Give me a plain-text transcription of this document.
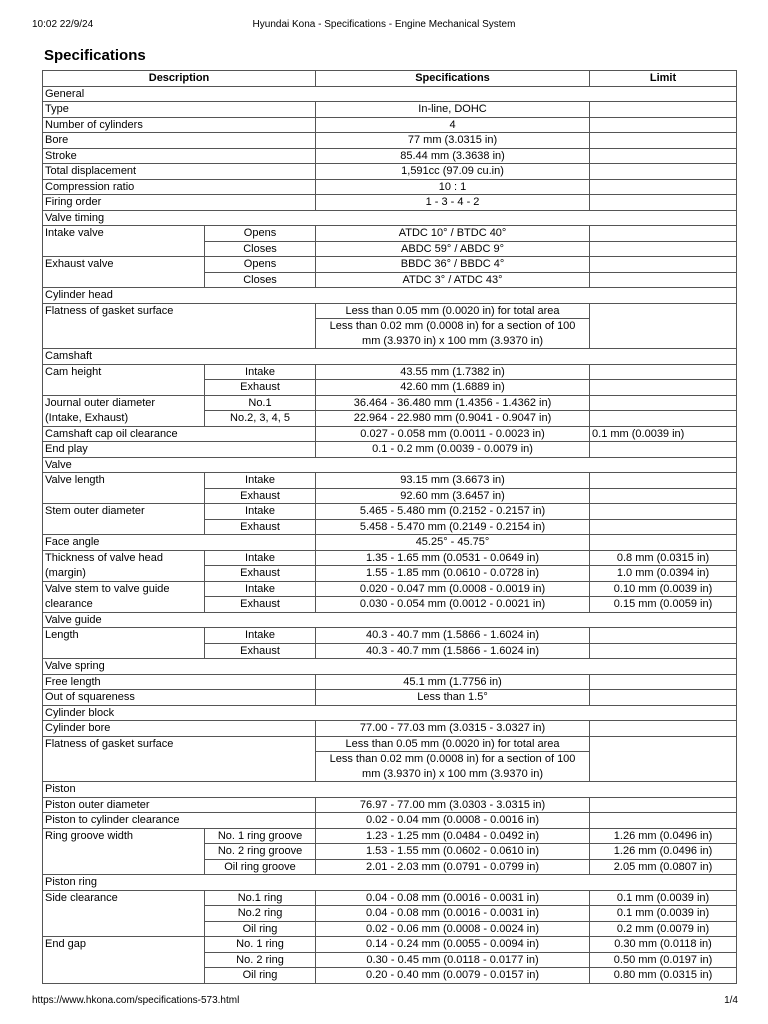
Hyundai Kona - Specifications - Engine Mechanical System
10:02 22/9/24
Specifications
Description		Specifications	Limit
General			
Type		In-line, DOHC	
Number of cylinders		4	
Bore		77 mm (3.0315 in)	
Stroke		85.44 mm (3.3638 in)	
Total displacement		1,591cc (97.09 cu.in)	
Compression ratio		10 : 1	
Firing order		1 - 3 - 4 - 2	
Valve timing			
Intake valve	Opens	ATDC 10° / BTDC 40°	
	Closes	ABDC 59° / ABDC 9°	
Exhaust valve	Opens	BBDC 36° / BBDC 4°	
	Closes	ATDC 3° / ATDC 43°	
Cylinder head			
Flatness of gasket surface		Less than 0.05 mm (0.0020 in) for total area	
		Less than 0.02 mm (0.0008 in) for a section of 100	
		mm (3.9370 in) x 100 mm (3.9370 in)	
Camshaft			
Cam height	Intake	43.55 mm (1.7382 in)	
	Exhaust	42.60 mm (1.6889 in)	
Journal outer diameter	No.1	36.464 - 36.480 mm (1.4356 - 1.4362 in)	
(Intake, Exhaust)	No.2, 3, 4, 5	22.964 - 22.980 mm (0.9041 - 0.9047 in)	
Camshaft cap oil clearance		0.027 - 0.058 mm (0.0011 - 0.0023 in)	0.1 mm (0.0039 in)
End play		0.1 - 0.2 mm (0.0039 - 0.0079 in)	
Valve			
Valve length	Intake	93.15 mm (3.6673 in)	
	Exhaust	92.60 mm (3.6457 in)	
Stem outer diameter	Intake	5.465 - 5.480 mm (0.2152 - 0.2157 in)	
	Exhaust	5.458 - 5.470 mm (0.2149 - 0.2154 in)	
Face angle		45.25° - 45.75°	
Thickness of valve head	Intake	1.35 - 1.65 mm (0.0531 - 0.0649 in)	0.8 mm (0.0315 in)
(margin)	Exhaust	1.55 - 1.85 mm (0.0610 - 0.0728 in)	1.0 mm (0.0394 in)
Valve stem to valve guide	Intake	0.020 - 0.047 mm (0.0008 - 0.0019 in)	0.10 mm (0.0039 in)
clearance	Exhaust	0.030 - 0.054 mm (0.0012 - 0.0021 in)	0.15 mm (0.0059 in)
Valve guide			
Length	Intake	40.3 - 40.7 mm (1.5866 - 1.6024 in)	
	Exhaust	40.3 - 40.7 mm (1.5866 - 1.6024 in)	
Valve spring			
Free length		45.1 mm (1.7756 in)	
Out of squareness		Less than 1.5°	
Cylinder block			
Cylinder bore		77.00 - 77.03 mm (3.0315 - 3.0327 in)	
Flatness of gasket surface		Less than 0.05 mm (0.0020 in) for total area	
		Less than 0.02 mm (0.0008 in) for a section of 100	
		mm (3.9370 in) x 100 mm (3.9370 in)	
Piston			
Piston outer diameter		76.97 - 77.00 mm (3.0303 - 3.0315 in)	
Piston to cylinder clearance		0.02 - 0.04 mm (0.0008 - 0.0016 in)	
Ring groove width	No. 1 ring groove	1.23 - 1.25 mm (0.0484 - 0.0492 in)	1.26 mm (0.0496 in)
	No. 2 ring groove	1.53 - 1.55 mm (0.0602 - 0.0610 in)	1.26 mm (0.0496 in)
	Oil ring groove	2.01 - 2.03 mm (0.0791 - 0.0799 in)	2.05 mm (0.0807 in)
Piston ring			
Side clearance	No.1 ring	0.04 - 0.08 mm (0.0016 - 0.0031 in)	0.1 mm (0.0039 in)
	No.2 ring	0.04 - 0.08 mm (0.0016 - 0.0031 in)	0.1 mm (0.0039 in)
	Oil ring	0.02 - 0.06 mm (0.0008 - 0.0024 in)	0.2 mm (0.0079 in)
End gap	No. 1 ring	0.14 - 0.24 mm (0.0055 - 0.0094 in)	0.30 mm (0.0118 in)
	No. 2 ring	0.30 - 0.45 mm (0.0118 - 0.0177 in)	0.50 mm (0.0197 in)
	Oil ring	0.20 - 0.40 mm (0.0079 - 0.0157 in)	0.80 mm (0.0315 in)
https://www.hkona.com/specifications-573.html	1/4
